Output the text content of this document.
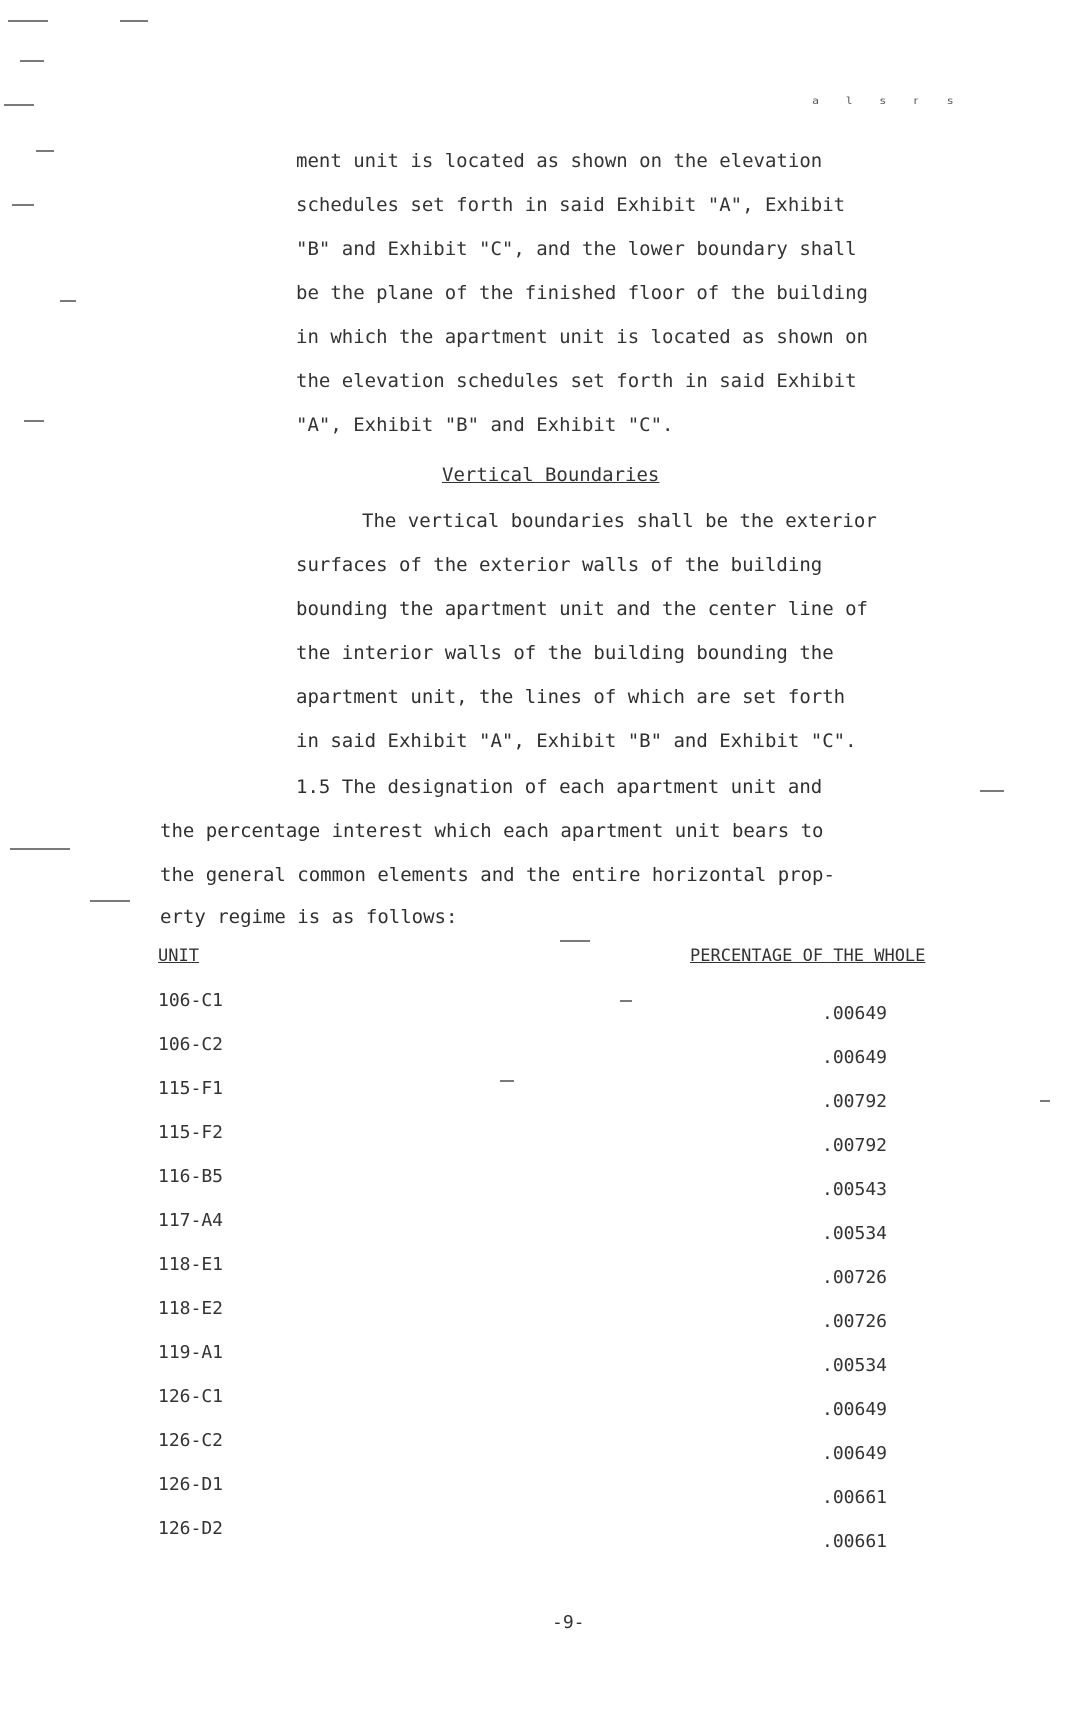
ₐ ₗ ₛ ᵣ ₛ
ment unit is located as shown on the elevation
schedules set forth in said Exhibit "A", Exhibit
"B" and Exhibit "C", and the lower boundary shall
be the plane of the finished floor of the building
in which the apartment unit is located as shown on
the elevation schedules set forth in said Exhibit
"A", Exhibit "B" and Exhibit "C".
Vertical Boundaries
The vertical boundaries shall be the exterior
surfaces of the exterior walls of the building
bounding the apartment unit and the center line of
the interior walls of the building bounding the
apartment unit, the lines of which are set forth
in said Exhibit "A", Exhibit "B" and Exhibit "C".
1.5 The designation of each apartment unit and
the percentage interest which each apartment unit bears to
the general common elements and the entire horizontal prop-
erty regime is as follows:
UNIT	PERCENTAGE OF THE WHOLE
106-C1
.00649
106-C2
.00649
115-F1
.00792
115-F2
.00792
116-B5
.00543
117-A4
.00534
118-E1
.00726
118-E2
.00726
119-A1
.00534
126-C1
.00649
126-C2
.00649
126-D1
.00661
126-D2
.00661
-9-
